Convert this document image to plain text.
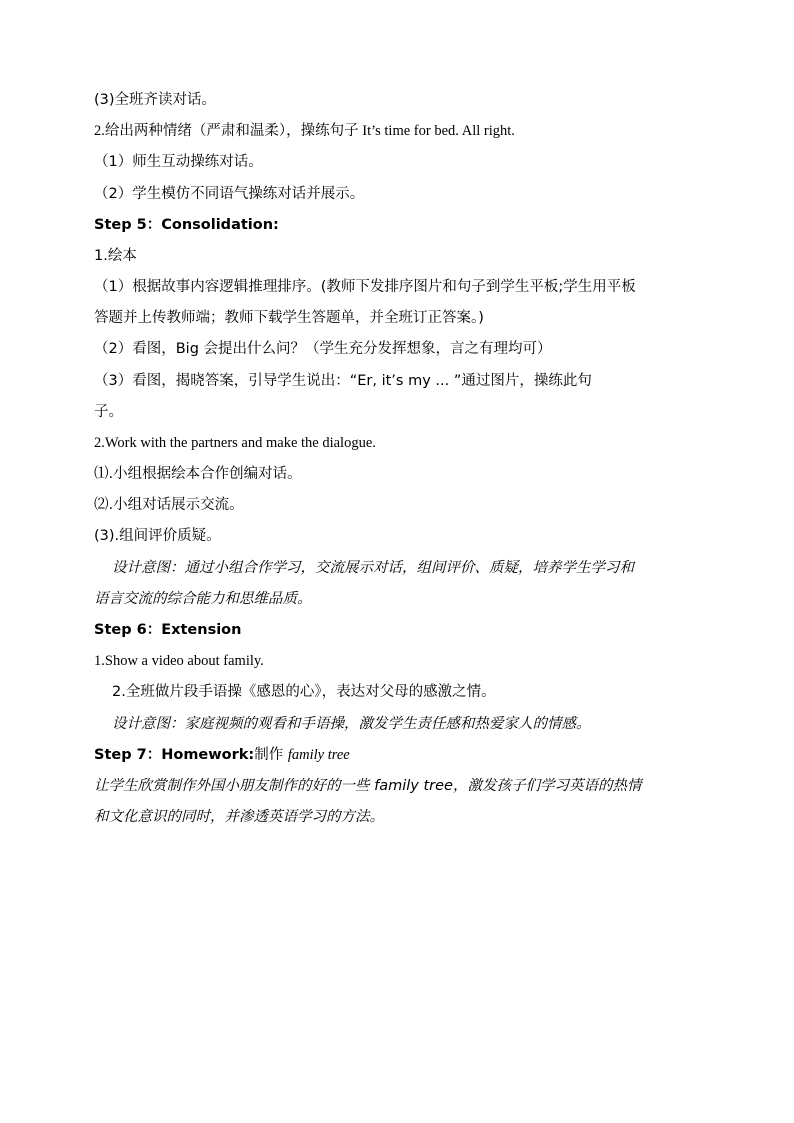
(3)全班齐读对话。
2.给出两种情绪（严肃和温柔），操练句子 It’s time for bed. All right.
（1）师生互动操练对话。
（2）学生模仿不同语气操练对话并展示。
Step 5：Consolidation:
1.绘本
（1）根据故事内容逻辑推理排序。(教师下发排序图片和句子到学生平板;学生用平板
答题并上传教师端；教师下载学生答题单，并全班订正答案。)
（2）看图，Big 会提出什么问？（学生充分发挥想象，言之有理均可）
（3）看图，揭晓答案，引导学生说出：“Er, it’s my ... ”通过图片，操练此句
子。
2.Work with the partners and make the dialogue.
⑴.小组根据绘本合作创编对话。
⑵.小组对话展示交流。
(3).组间评价质疑。
设计意图：通过小组合作学习，交流展示对话，组间评价、质疑，培养学生学习和
语言交流的综合能力和思维品质。
Step 6：Extension
1.Show a video about family.
2.全班做片段手语操《感恩的心》，表达对父母的感激之情。
设计意图：家庭视频的观看和手语操，激发学生责任感和热爱家人的情感。
Step 7：Homework:制作 family tree
让学生欣赏制作外国小朋友制作的好的一些 family tree，激发孩子们学习英语的热情
和文化意识的同时，并渗透英语学习的方法。
